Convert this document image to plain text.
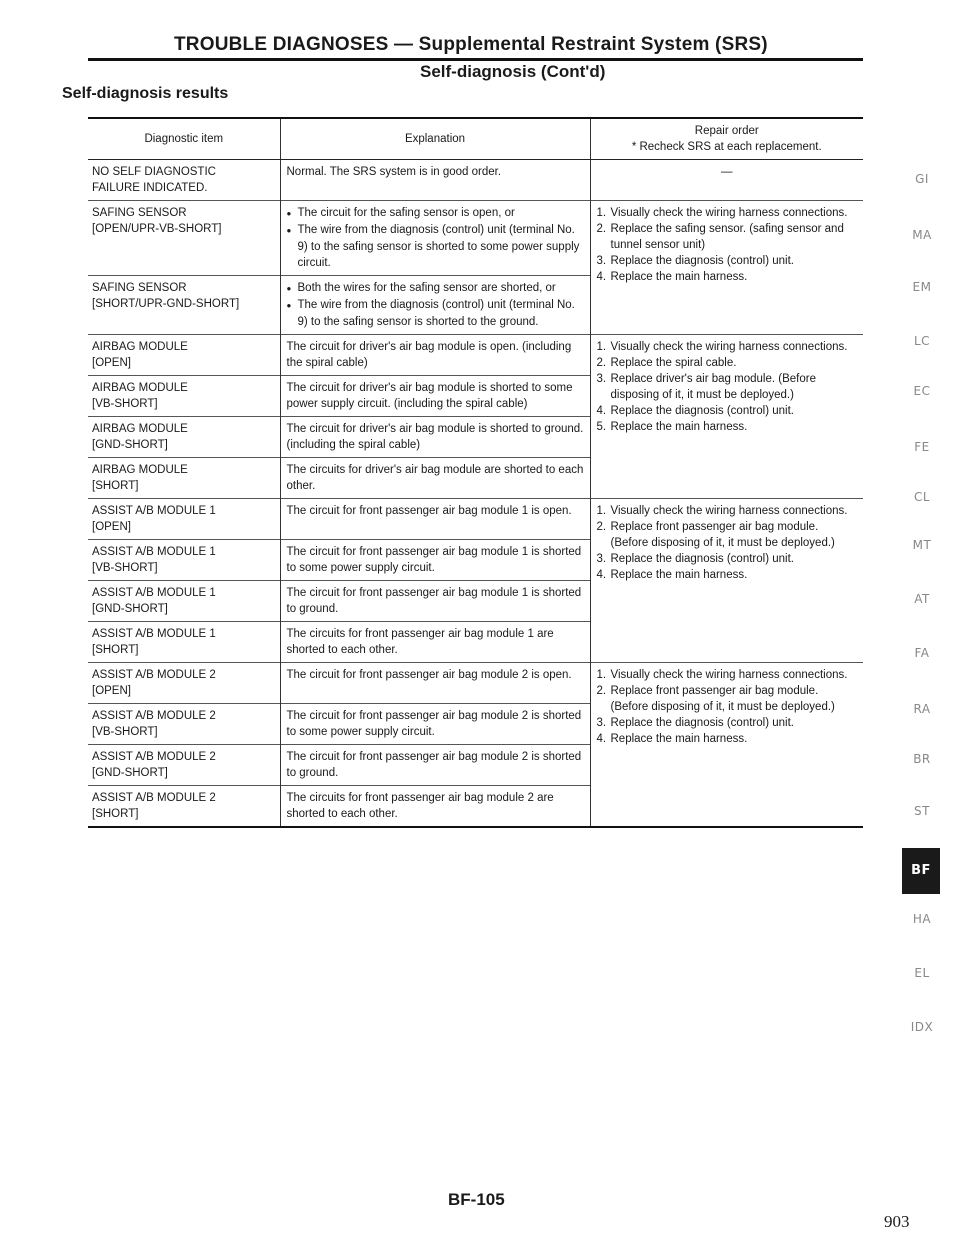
TROUBLE DIAGNOSES — Supplemental Restraint System (SRS)
Self-diagnosis (Cont'd)
Self-diagnosis results
Diagnostic item	Explanation	Repair order
* Recheck SRS at each replacement.

NO SELF DIAGNOSTIC
FAILURE INDICATED.	Normal. The SRS system is in good order.	—

SAFING SENSOR
[OPEN/UPR-VB-SHORT]	● The circuit for the safing sensor is open, or
● The wire from the diagnosis (control) unit (terminal No. 9) to the safing sensor is shorted to some power supply circuit.	1. Visually check the wiring harness connections.
2. Replace the safing sensor. (safing sensor and tunnel sensor unit)
3. Replace the diagnosis (control) unit.
4. Replace the main harness.

SAFING SENSOR
[SHORT/UPR-GND-SHORT]	● Both the wires for the safing sensor are shorted, or
● The wire from the diagnosis (control) unit (terminal No. 9) to the safing sensor is shorted to the ground.	

AIRBAG MODULE
[OPEN]	The circuit for driver's air bag module is open. (including the spiral cable)	1. Visually check the wiring harness connections.
2. Replace the spiral cable.
3. Replace driver's air bag module. (Before disposing of it, it must be deployed.)
4. Replace the diagnosis (control) unit.
5. Replace the main harness.

AIRBAG MODULE
[VB-SHORT]	The circuit for driver's air bag module is shorted to some power supply circuit. (including the spiral cable)	

AIRBAG MODULE
[GND-SHORT]	The circuit for driver's air bag module is shorted to ground. (including the spiral cable)	

AIRBAG MODULE
[SHORT]	The circuits for driver's air bag module are shorted to each other.	

ASSIST A/B MODULE 1
[OPEN]	The circuit for front passenger air bag module 1 is open.	1. Visually check the wiring harness connections.
2. Replace front passenger air bag module. (Before disposing of it, it must be deployed.)
3. Replace the diagnosis (control) unit.
4. Replace the main harness.

ASSIST A/B MODULE 1
[VB-SHORT]	The circuit for front passenger air bag module 1 is shorted to some power supply circuit.	

ASSIST A/B MODULE 1
[GND-SHORT]	The circuit for front passenger air bag module 1 is shorted to ground.	

ASSIST A/B MODULE 1
[SHORT]	The circuits for front passenger air bag module 1 are shorted to each other.	

ASSIST A/B MODULE 2
[OPEN]	The circuit for front passenger air bag module 2 is open.	1. Visually check the wiring harness connections.
2. Replace front passenger air bag module. (Before disposing of it, it must be deployed.)
3. Replace the diagnosis (control) unit.
4. Replace the main harness.

ASSIST A/B MODULE 2
[VB-SHORT]	The circuit for front passenger air bag module 2 is shorted to some power supply circuit.	

ASSIST A/B MODULE 2
[GND-SHORT]	The circuit for front passenger air bag module 2 is shorted to ground.	

ASSIST A/B MODULE 2
[SHORT]	The circuits for front passenger air bag module 2 are shorted to each other.	
GI
MA
EM
LC
EC
FE
CL
MT
AT
FA
RA
BR
ST
BF
HA
EL
IDX
BF-105
903
